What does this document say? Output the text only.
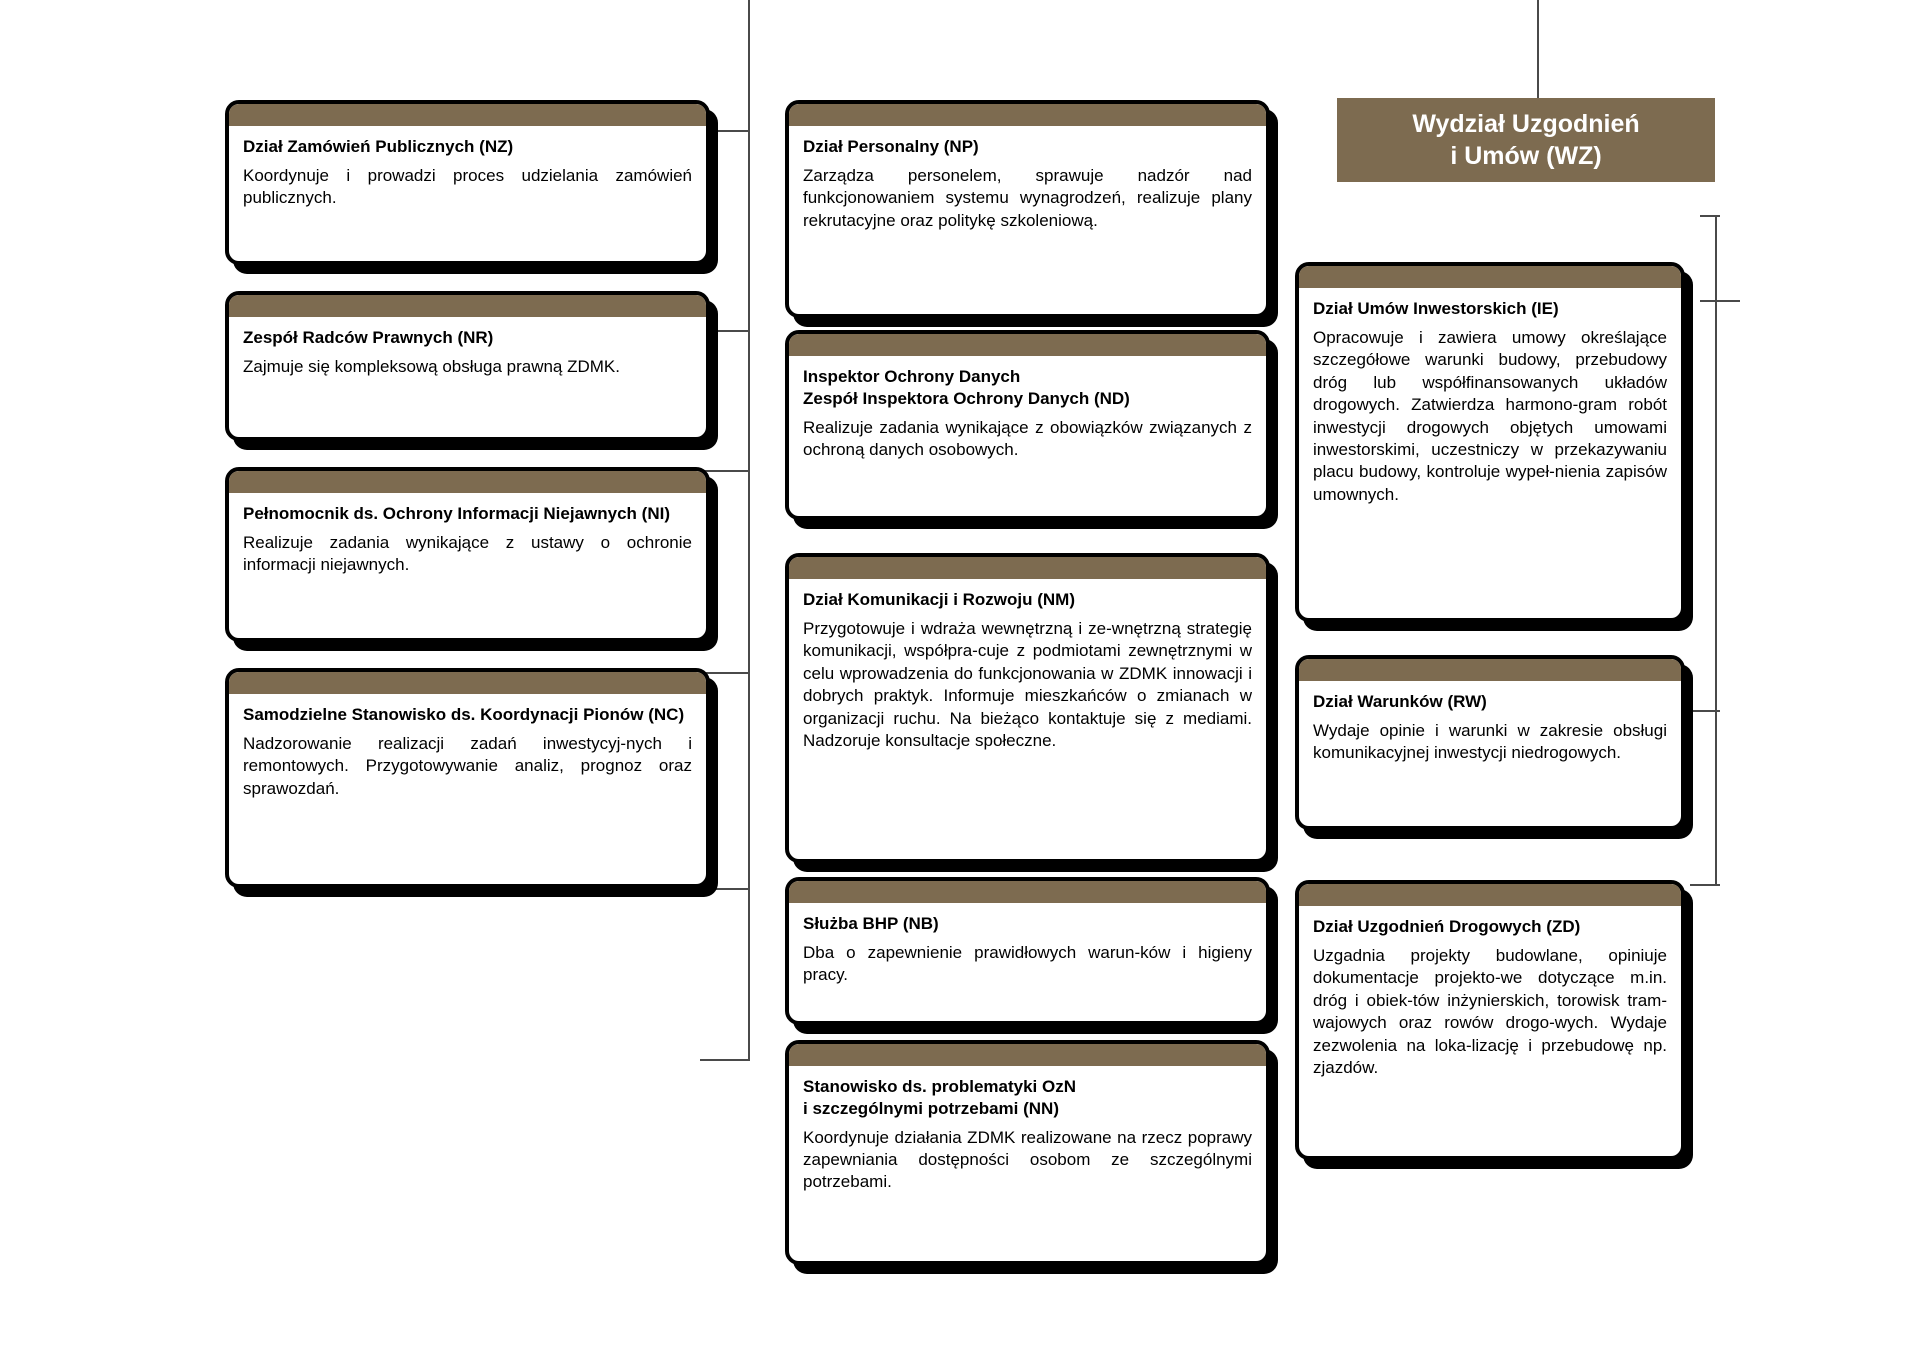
Wydział Uzgodnień
i Umów (WZ)
Dział Zamówień Publicznych (NZ)
Koordynuje i prowadzi proces udzielania zamówień publicznych.
Zespół Radców Prawnych (NR)
Zajmuje się kompleksową obsługa prawną ZDMK.
Pełnomocnik ds. Ochrony Informacji Niejawnych (NI)
Realizuje zadania wynikające z ustawy o ochronie informacji niejawnych.
Samodzielne Stanowisko ds. Koordynacji Pionów (NC)
Nadzorowanie realizacji zadań inwestycyj-nych i remontowych. Przygotowywanie analiz, prognoz oraz sprawozdań.
Dział Personalny (NP)
Zarządza personelem, sprawuje nadzór nad funkcjonowaniem systemu wynagrodzeń, realizuje plany rekrutacyjne oraz politykę szkoleniową.
Inspektor Ochrony Danych
Zespół Inspektora Ochrony Danych (ND)
Realizuje zadania wynikające z obowiązków związanych z ochroną danych osobowych.
Dział Komunikacji i Rozwoju (NM)
Przygotowuje i wdraża wewnętrzną i ze-wnętrzną strategię komunikacji, współpra-cuje z podmiotami zewnętrznymi w celu wprowadzenia do funkcjonowania w ZDMK innowacji i dobrych praktyk. Informuje mieszkańców o zmianach w organizacji ruchu. Na bieżąco kontaktuje się z mediami. Nadzoruje konsultacje społeczne.
Służba BHP (NB)
Dba o zapewnienie prawidłowych warun-ków i higieny pracy.
Stanowisko ds. problematyki OzN
i szczególnymi potrzebami (NN)
Koordynuje działania ZDMK realizowane na rzecz poprawy zapewniania dostępności osobom ze szczególnymi potrzebami.
Dział Umów Inwestorskich (IE)
Opracowuje i zawiera umowy określające szczegółowe warunki budowy, przebudowy dróg lub współfinansowanych układów drogowych. Zatwierdza harmono-gram robót inwestycji drogowych objętych umowami inwestorskimi, uczestniczy w przekazywaniu placu budowy, kontroluje wypeł-nienia zapisów umownych.
Dział Warunków (RW)
Wydaje opinie i warunki w zakresie obsługi komunikacyjnej inwestycji niedrogowych.
Dział Uzgodnień Drogowych (ZD)
Uzgadnia projekty budowlane, opiniuje dokumentacje projekto-we dotyczące m.in. dróg i obiek-tów inżynierskich, torowisk tram-wajowych oraz rowów drogo-wych. Wydaje zezwolenia na loka-lizację i przebudowę np. zjazdów.
